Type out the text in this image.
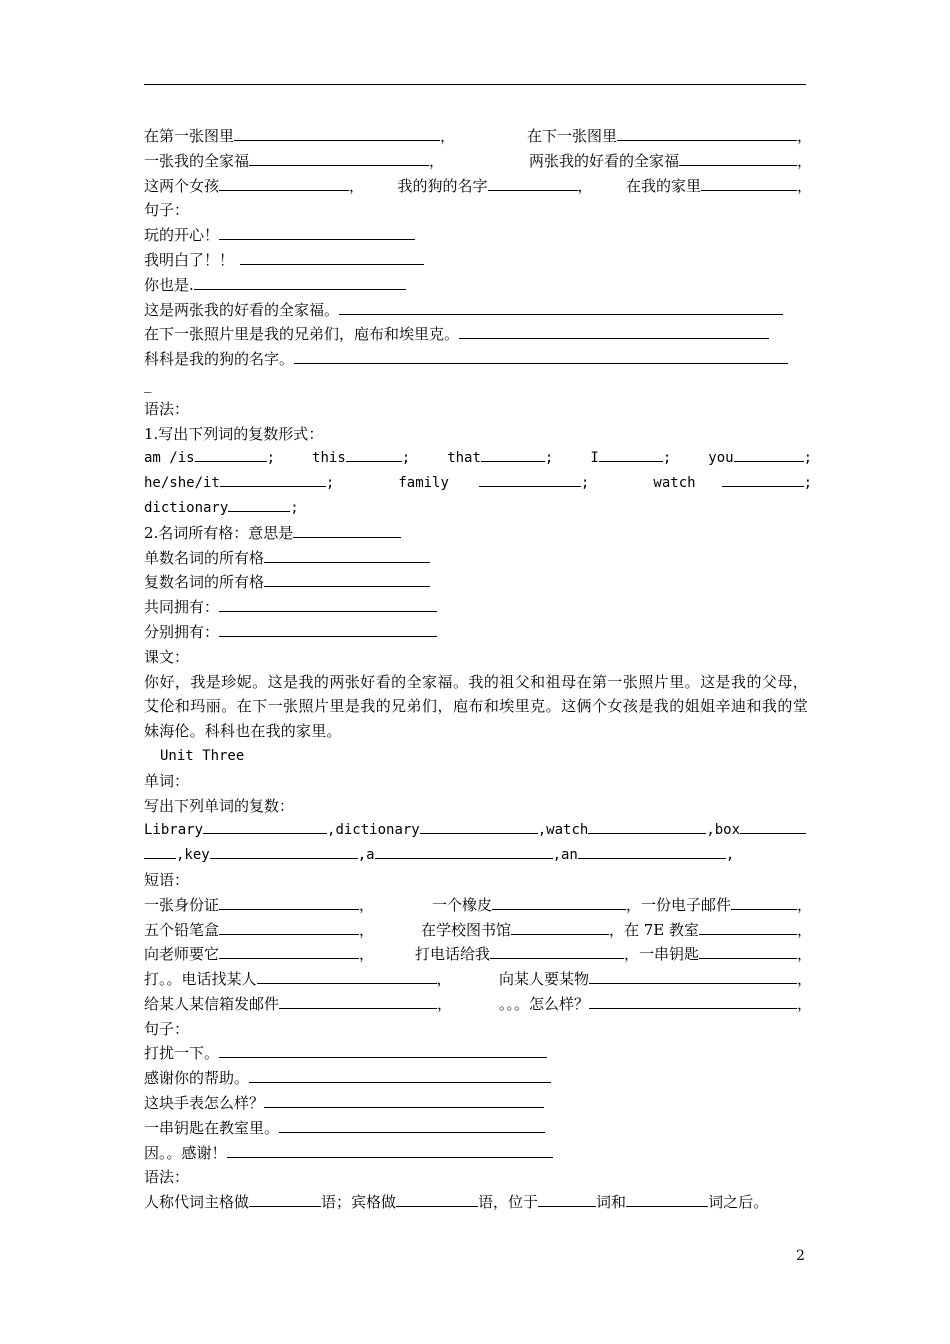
在第一张图里	，	在下一张图里	，
一张我的全家福	，	两张我的好看的全家福	，
这两个女孩	， 我的狗的名字	， 在我的家里	，
句子：
玩的开心！
我明白了！！
你也是.
这是两张我的好看的全家福。
在下一张照片里是我的兄弟们，庖布和埃里克。
科科是我的狗的名字。
_
语法：
1.写出下列词的复数形式：
am /is	;	this	;	that	;	I	;	you	;
he/she/it	;	family	;	watch	;
dictionary	;
2.名词所有格：意思是
单数名词的所有格
复数名词的所有格
共同拥有：
分别拥有：
课文：
你好，我是珍妮。这是我的两张好看的全家福。我的祖父和祖母在第一张照片里。这是我的父母，艾伦和玛丽。在下一张照片里是我的兄弟们，庖布和埃里克。这俩个女孩是我的姐姐辛迪和我的堂妹海伦。科科也在我的家里。
Unit Three
单词：
写出下列单词的复数：
Library	,dictionary	,watch	,box
,key	,a	,an	,
短语：
一张身份证	，	一个橡皮	，一份电子邮件	，
五个铅笔盒	，	在学校图书馆	，在 7E 教室	，
向老师要它	，	打电话给我	，一串钥匙	，
打。。电话找某人	，	向某人要某物	，
给某人某信箱发邮件	，	。。。怎么样？	，
句子：
打扰一下。
感谢你的帮助。
这块手表怎么样？
一串钥匙在教室里。
因。。感谢！
语法：
人称代词主格做	语；宾格做	语，位于	词和	词之后。
2
